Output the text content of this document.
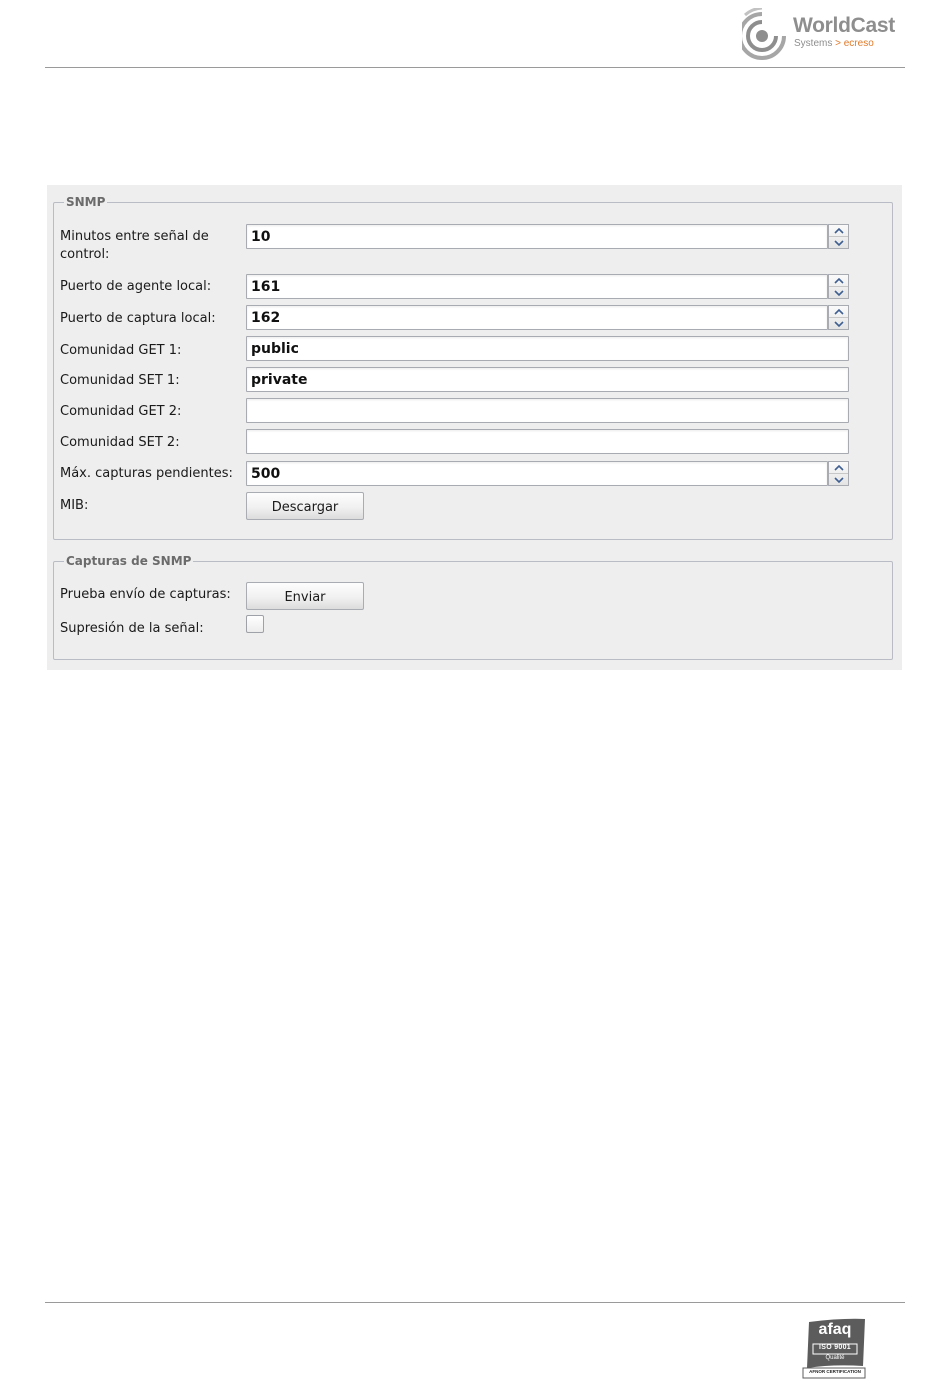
WorldCast
Systems > ecreso
SNMP
Minutos entre señal de control:
10
Puerto de agente local:	161
Puerto de captura local:	162
Comunidad GET 1:	public
Comunidad SET 1:	private
Comunidad GET 2:
Comunidad SET 2:
Máx. capturas pendientes:	500
MIB:	Descargar
Capturas de SNMP
Prueba envío de capturas:	Enviar
Supresión de la señal:
afaq
ISO 9001
Qualité
AFNOR CERTIFICATION
